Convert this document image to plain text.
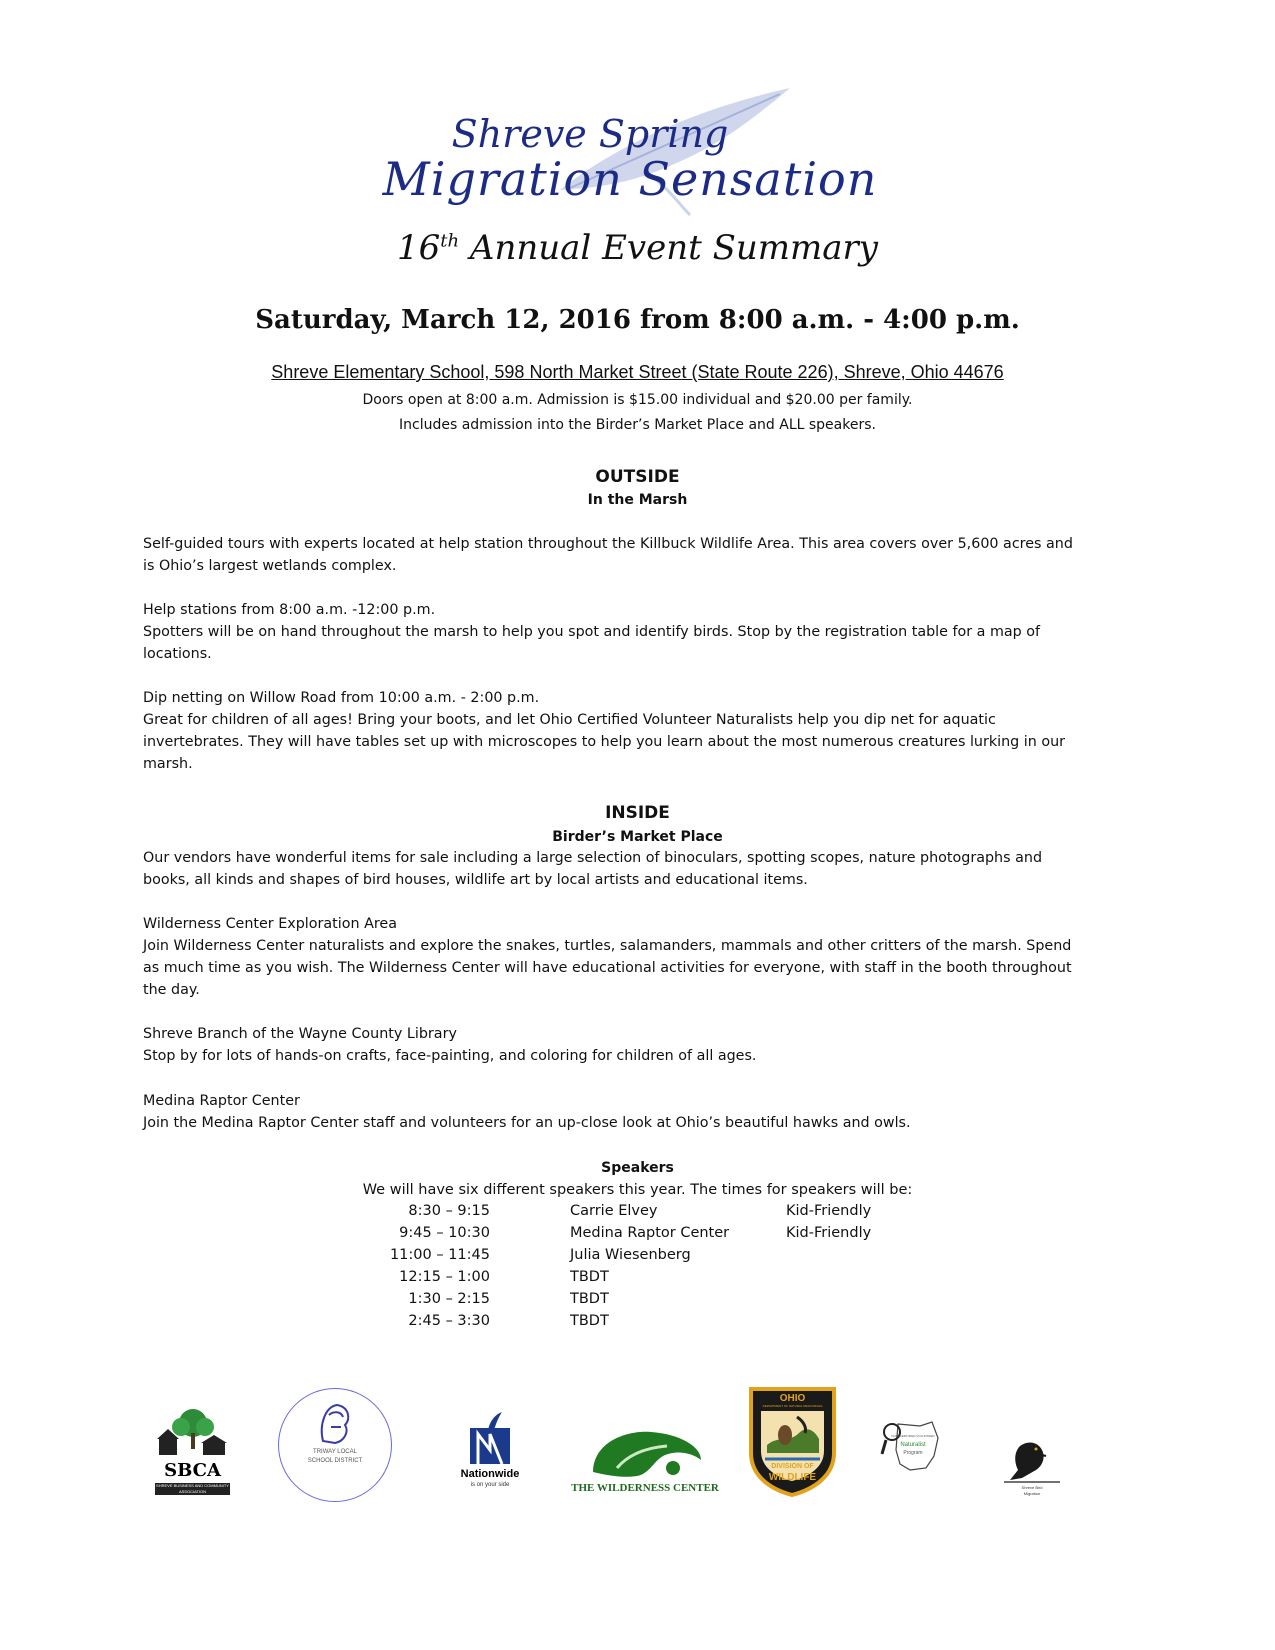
Shreve Spring
Migration Sensation
16th Annual Event Summary
Saturday, March 12, 2016 from 8:00 a.m. - 4:00 p.m.
Shreve Elementary School, 598 North Market Street (State Route 226), Shreve, Ohio 44676
Doors open at 8:00 a.m. Admission is $15.00 individual and $20.00 per family.
Includes admission into the Birder’s Market Place and ALL speakers.
OUTSIDE
In the Marsh

Self-guided tours with experts located at help station throughout the Killbuck Wildlife Area. This area covers over 5,600 acres and is Ohio’s largest wetlands complex.

Help stations from 8:00 a.m. -12:00 p.m.

Spotters will be on hand throughout the marsh to help you spot and identify birds. Stop by the registration table for a map of locations.

Dip netting on Willow Road from 10:00 a.m. - 2:00 p.m.

Great for children of all ages! Bring your boots, and let Ohio Certified Volunteer Naturalists help you dip net for aquatic invertebrates. They will have tables set up with microscopes to help you learn about the most numerous creatures lurking in our marsh.

INSIDE
Birder’s Market Place

Our vendors have wonderful items for sale including a large selection of binoculars, spotting scopes, nature photographs and books, all kinds and shapes of bird houses, wildlife art by local artists and educational items.

Wilderness Center Exploration Area

Join Wilderness Center naturalists and explore the snakes, turtles, salamanders, mammals and other critters of the marsh. Spend as much time as you wish. The Wilderness Center will have educational activities for everyone, with staff in the booth throughout the day.

Shreve Branch of the Wayne County Library

Stop by for lots of hands-on crafts, face-painting, and coloring for children of all ages.

Medina Raptor Center

Join the Medina Raptor Center staff and volunteers for an up-close look at Ohio’s beautiful hawks and owls.

Speakers
We will have six different speakers this year. The times for speakers will be:
8:30 – 9:15	Carrie Elvey	Kid-Friendly
9:45 – 10:30	Medina Raptor Center	Kid-Friendly
11:00 – 11:45	Julia Wiesenberg
12:15 – 1:00	TBDT
1:30 – 2:15	TBDT
2:45 – 3:30	TBDT
SBCA
SHREVE BUSINESS AND COMMUNITY ASSOCIATION
TRIWAY LOCAL
SCHOOL DISTRICT
Nationwide
is on your side	THE WILDERNESS CENTER
OHIO
DEPARTMENT OF NATURAL RESOURCES
DIVISION OF
WILDLIFE
OHIO CERTIFIED VOLUNTEER
Naturalist
Program
Shreve Bird
Migration
